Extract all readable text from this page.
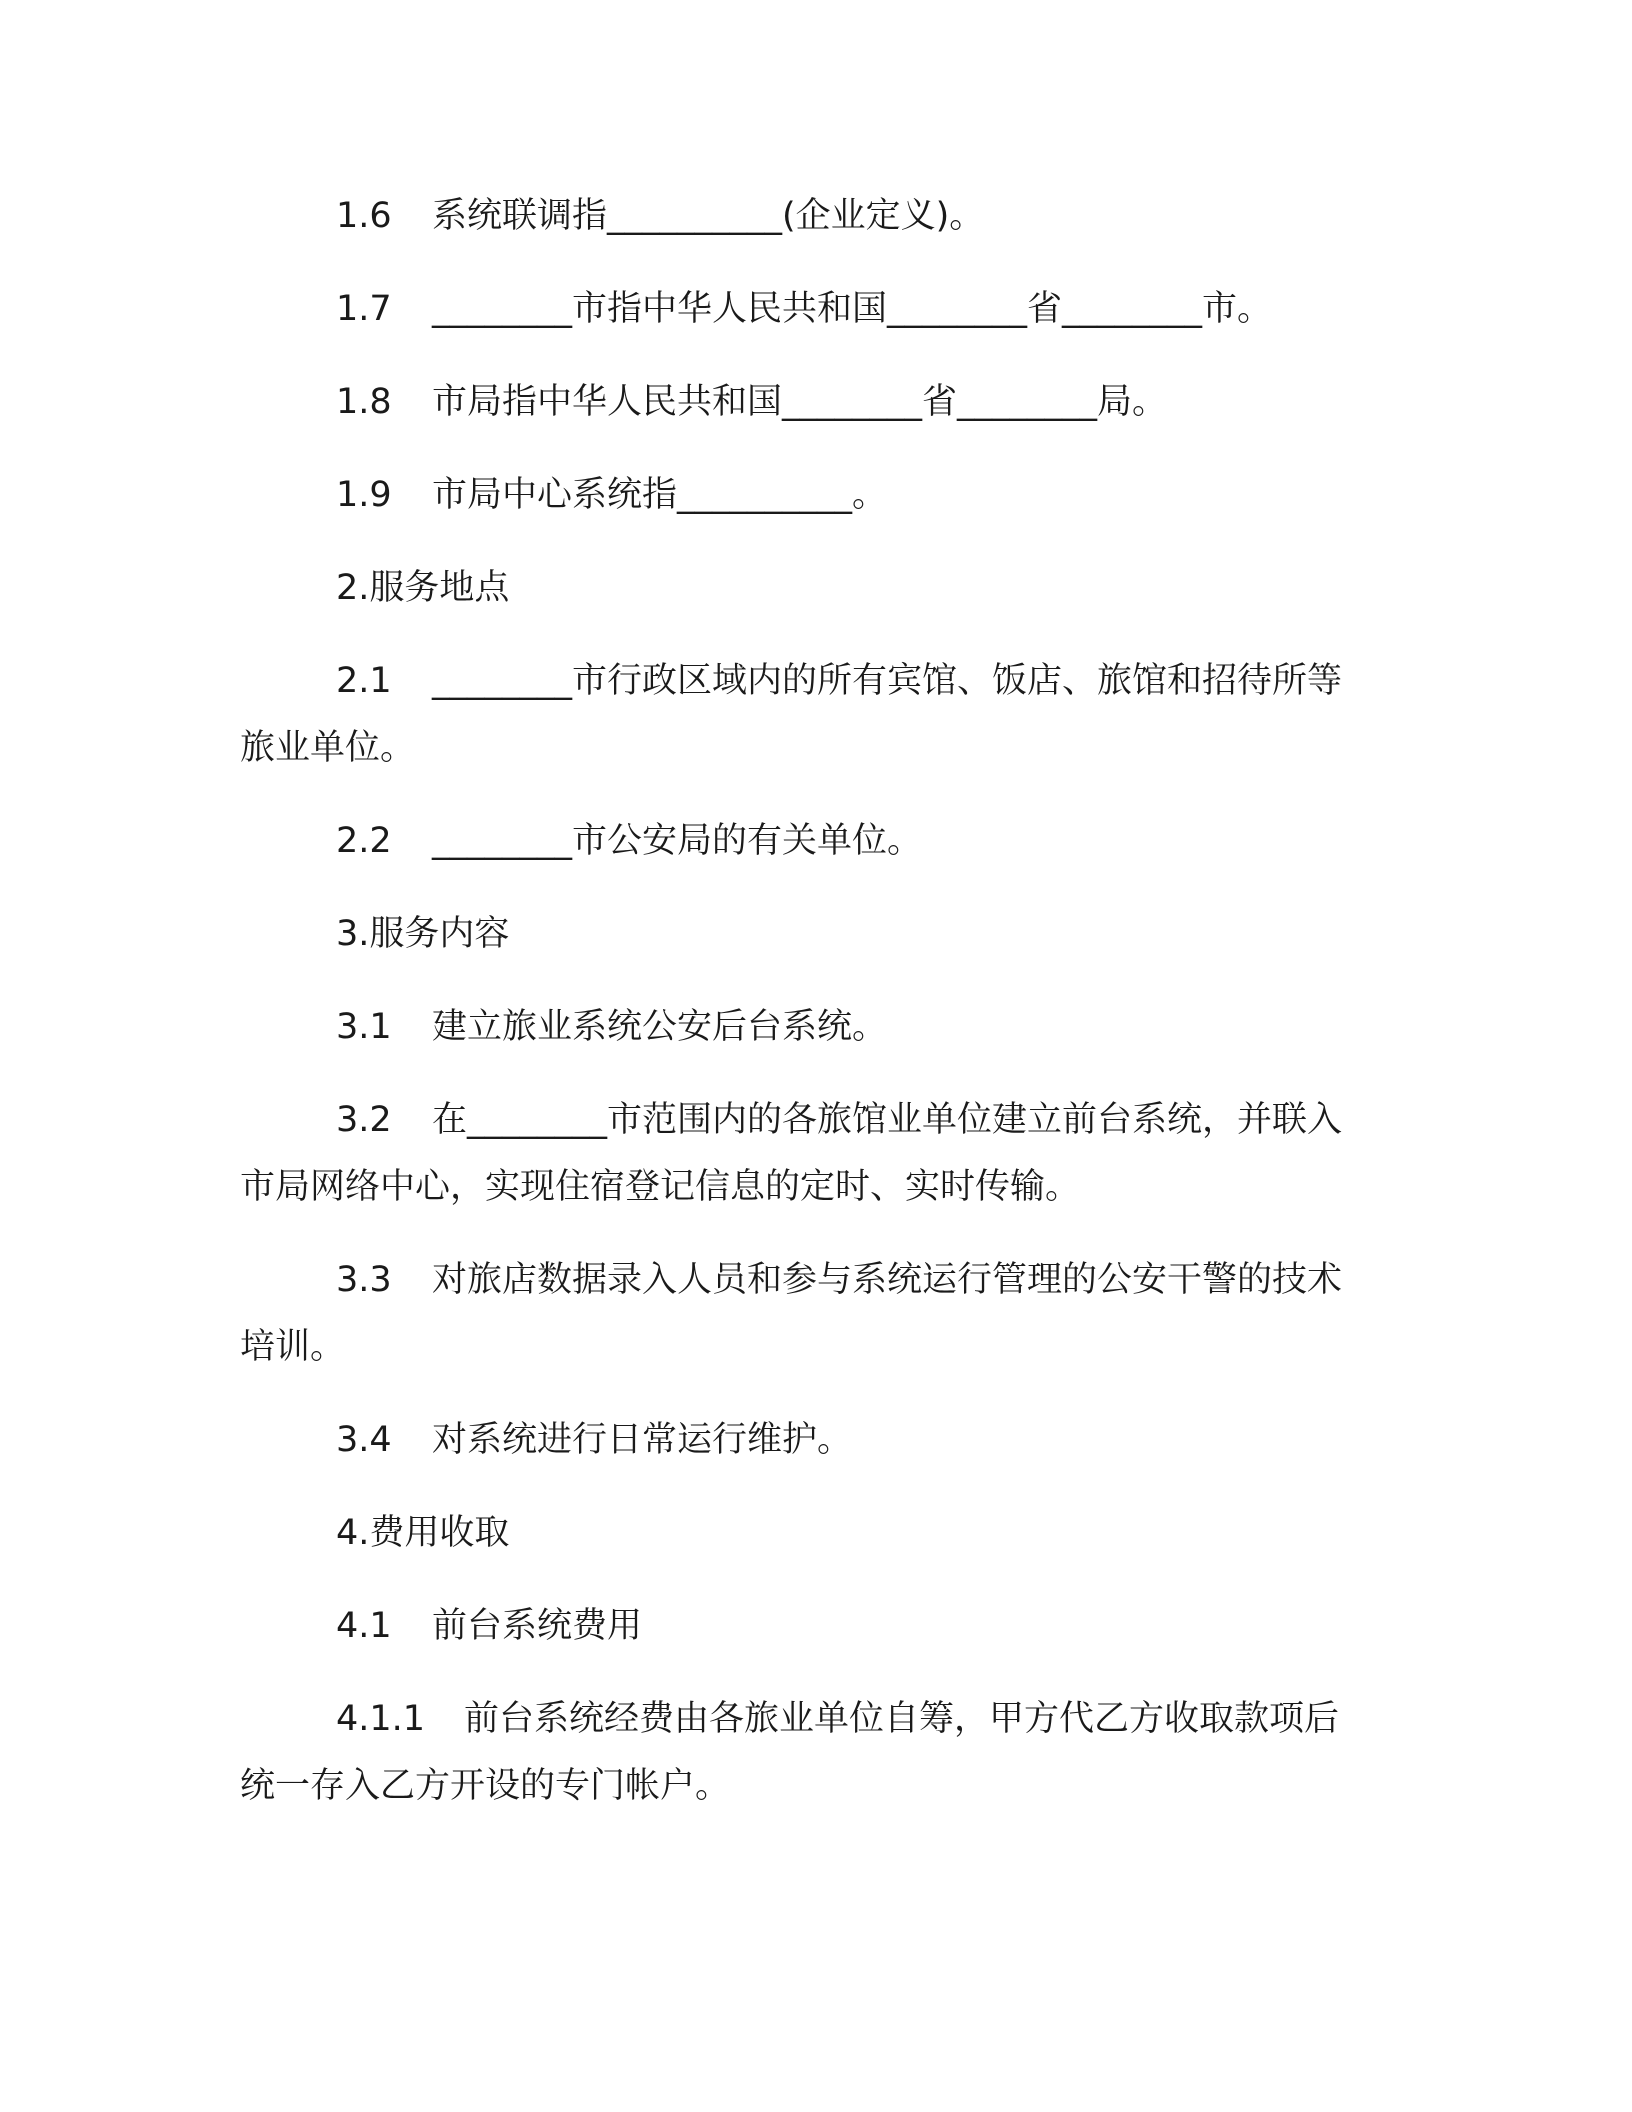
1.6 系统联调指__________(企业定义)。

1.7 ________市指中华人民共和国________省________市。

1.8 市局指中华人民共和国________省________局。

1.9 市局中心系统指__________。

2.服务地点

2.1 ________市行政区域内的所有宾馆、饭店、旅馆和招待所等旅业单位。

2.2 ________市公安局的有关单位。

3.服务内容

3.1 建立旅业系统公安后台系统。

3.2 在________市范围内的各旅馆业单位建立前台系统，并联入市局网络中心，实现住宿登记信息的定时、实时传输。

3.3 对旅店数据录入人员和参与系统运行管理的公安干警的技术培训。

3.4 对系统进行日常运行维护。

4.费用收取

4.1 前台系统费用

4.1.1 前台系统经费由各旅业单位自筹，甲方代乙方收取款项后统一存入乙方开设的专门帐户。
